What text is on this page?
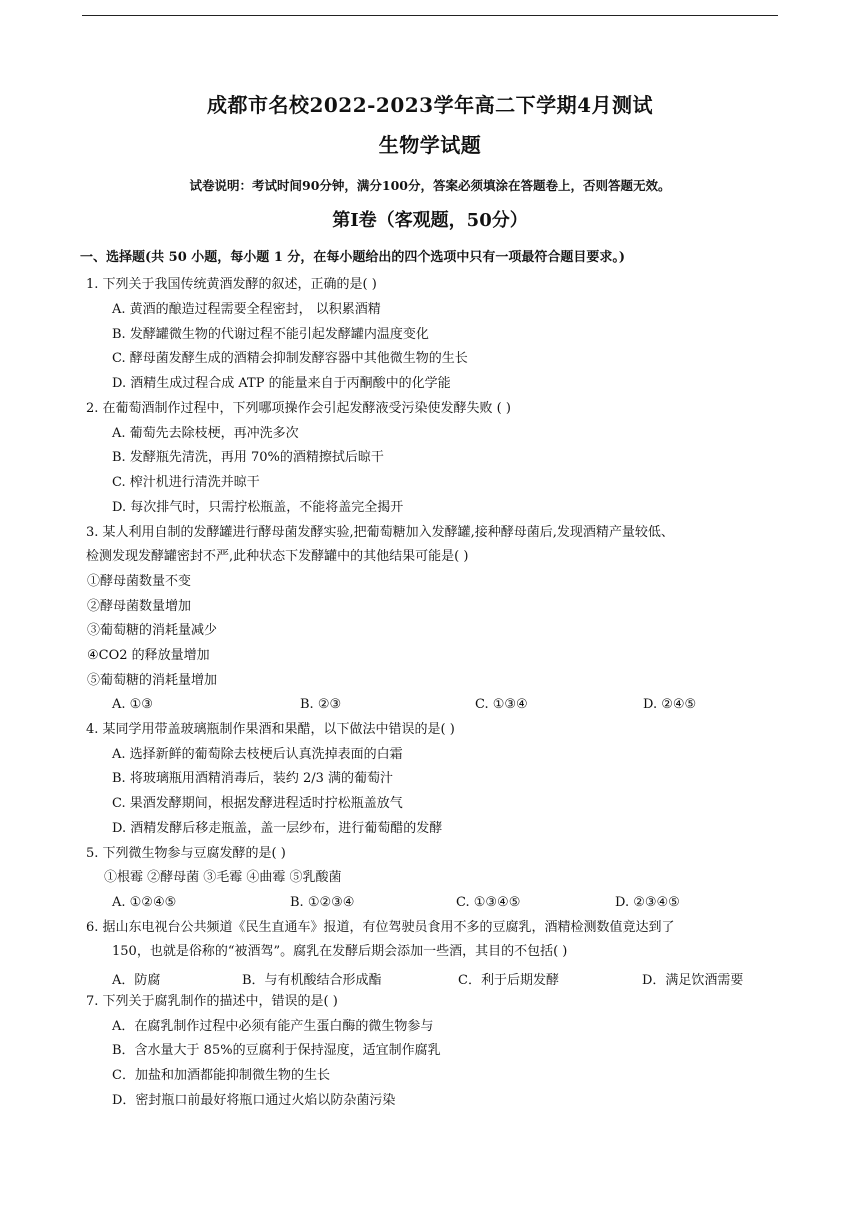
成都市名校2022-2023学年高二下学期4月测试
生物学试题
试卷说明：考试时间90分钟，满分100分，答案必须填涂在答题卷上，否则答题无效。
第Ⅰ卷（客观题，50分）
一、选择题(共 50 小题，每小题 1 分，在每小题给出的四个选项中只有一项最符合题目要求。)
1. 下列关于我国传统黄酒发酵的叙述，正确的是( )
A. 黄酒的酿造过程需要全程密封， 以积累酒精
B. 发酵罐微生物的代谢过程不能引起发酵罐内温度变化
C. 酵母菌发酵生成的酒精会抑制发酵容器中其他微生物的生长
D. 酒精生成过程合成 ATP 的能量来自于丙酮酸中的化学能
2. 在葡萄酒制作过程中，下列哪项操作会引起发酵液受污染使发酵失败 ( )
A. 葡萄先去除枝梗，再冲洗多次
B. 发酵瓶先清洗，再用 70%的酒精擦拭后晾干
C. 榨汁机进行清洗并晾干
D. 每次排气时，只需拧松瓶盖，不能将盖完全揭开
3. 某人利用自制的发酵罐进行酵母菌发酵实验,把葡萄糖加入发酵罐,接种酵母菌后,发现酒精产量较低、
检测发现发酵罐密封不严,此种状态下发酵罐中的其他结果可能是( )
①酵母菌数量不变
②酵母菌数量增加
③葡萄糖的消耗量减少
④CO2 的释放量增加
⑤葡萄糖的消耗量增加
A. ①③	B. ②③	C. ①③④	D. ②④⑤
4. 某同学用带盖玻璃瓶制作果酒和果醋，以下做法中错误的是( )
A. 选择新鲜的葡萄除去枝梗后认真洗掉表面的白霜
B. 将玻璃瓶用酒精消毒后，装约 2/3 满的葡萄汁
C. 果酒发酵期间，根据发酵进程适时拧松瓶盖放气
D. 酒精发酵后移走瓶盖，盖一层纱布，进行葡萄醋的发酵
5. 下列微生物参与豆腐发酵的是( )
①根霉 ②酵母菌 ③毛霉 ④曲霉 ⑤乳酸菌
A. ①②④⑤	B. ①②③④	C. ①③④⑤	D. ②③④⑤
6. 据山东电视台公共频道《民生直通车》报道，有位驾驶员食用不多的豆腐乳，酒精检测数值竟达到了
150，也就是俗称的“被酒驾”。腐乳在发酵后期会添加一些酒，其目的不包括( )
A．防腐	B．与有机酸结合形成酯	C．利于后期发酵	D．满足饮酒需要
7. 下列关于腐乳制作的描述中，错误的是( )
A．在腐乳制作过程中必须有能产生蛋白酶的微生物参与
B．含水量大于 85%的豆腐利于保持湿度，适宜制作腐乳
C．加盐和加酒都能抑制微生物的生长
D．密封瓶口前最好将瓶口通过火焰以防杂菌污染
